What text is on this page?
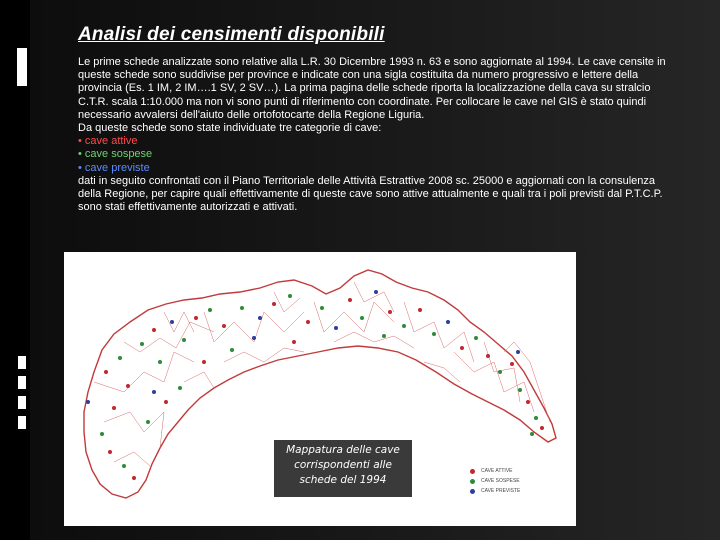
Analisi dei censimenti disponibili

Le prime schede analizzate sono relative alla L.R. 30 Dicembre 1993 n. 63 e sono aggiornate al 1994. Le cave censite in queste schede sono suddivise per province e indicate con una sigla costituita da numero progressivo e lettere della provincia (Es. 1 IM, 2 IM….1 SV, 2 SV…). La prima pagina delle schede riporta la localizzazione della cava su stralcio C.T.R. scala 1:10.000 ma non vi sono punti di riferimento con coordinate. Per collocare le cave nel GIS è stato quindi necessario avvalersi dell'aiuto delle ortofotocarte della Regione Liguria.

Da queste schede sono state individuate tre categorie di cave:

• cave attive

• cave sospese

• cave previste

dati in seguito confrontati con il Piano Territoriale delle Attività Estrattive 2008 sc. 25000 e aggiornati con la consulenza della Regione, per capire quali effettivamente di queste cave sono attive attualmente e quali tra i poli previsti dal P.T.C.P. sono stati effettivamente autorizzati e attivati.

CAVE ATTIVE
CAVE SOSPESE
CAVE PREVISTE
Mappatura delle cave
corrispondenti alle
schede del 1994
